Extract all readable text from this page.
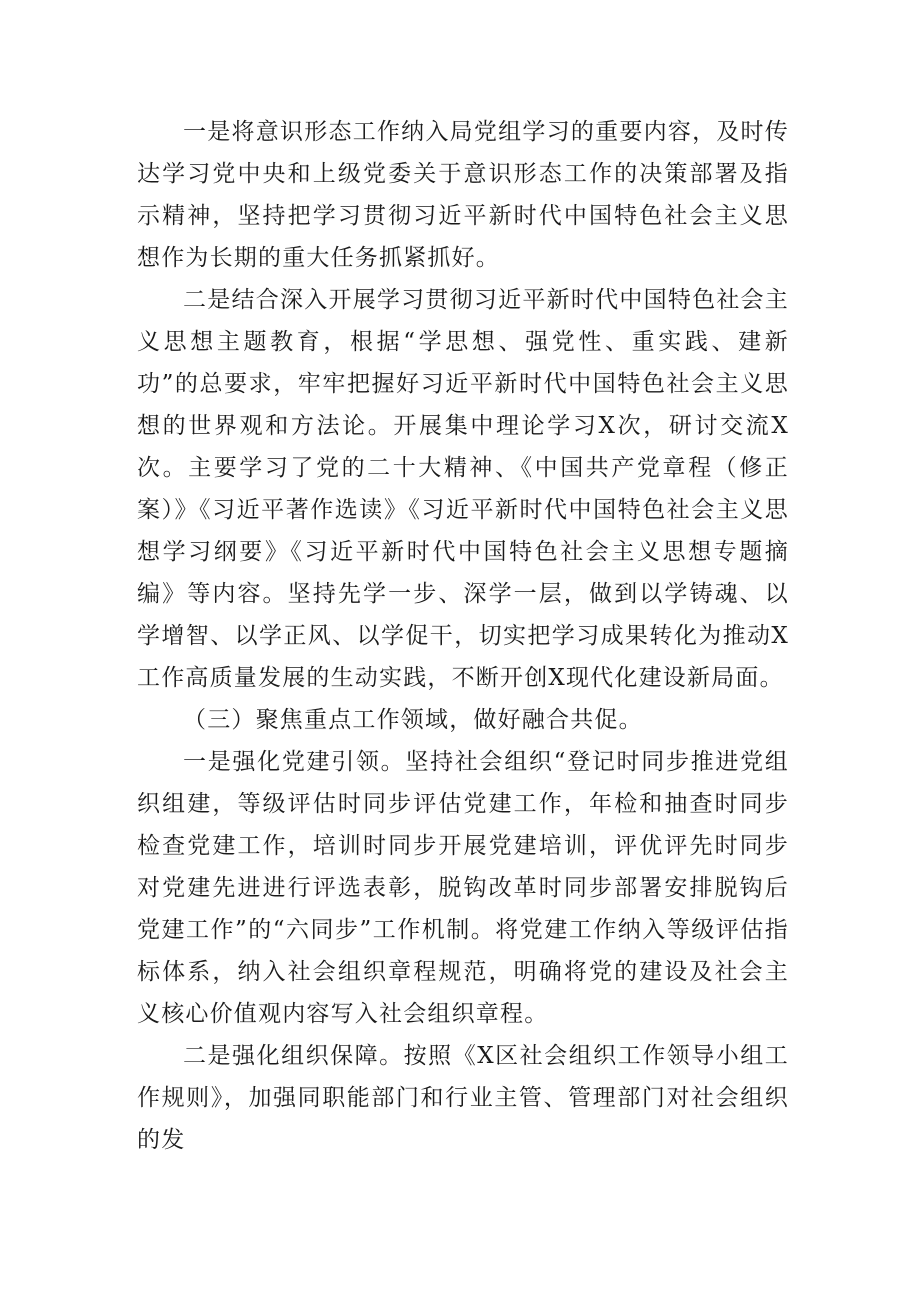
一是将意识形态工作纳入局党组学习的重要内容，及时传达学习党中央和上级党委关于意识形态工作的决策部署及指示精神，坚持把学习贯彻习近平新时代中国特色社会主义思想作为长期的重大任务抓紧抓好。

二是结合深入开展学习贯彻习近平新时代中国特色社会主义思想主题教育，根据“学思想、强党性、重实践、建新功”的总要求，牢牢把握好习近平新时代中国特色社会主义思想的世界观和方法论。开展集中理论学习X次，研讨交流X次。主要学习了党的二十大精神、《中国共产党章程（修正案）》《习近平著作选读》《习近平新时代中国特色社会主义思想学习纲要》《习近平新时代中国特色社会主义思想专题摘编》等内容。坚持先学一步、深学一层，做到以学铸魂、以学增智、以学正风、以学促干，切实把学习成果转化为推动X工作高质量发展的生动实践，不断开创X现代化建设新局面。

（三）聚焦重点工作领域，做好融合共促。

一是强化党建引领。坚持社会组织“登记时同步推进党组织组建，等级评估时同步评估党建工作，年检和抽查时同步检查党建工作，培训时同步开展党建培训，评优评先时同步对党建先进进行评选表彰，脱钩改革时同步部署安排脱钩后党建工作”的“六同步”工作机制。将党建工作纳入等级评估指标体系，纳入社会组织章程规范，明确将党的建设及社会主义核心价值观内容写入社会组织章程。

二是强化组织保障。按照《X区社会组织工作领导小组工作规则》，加强同职能部门和行业主管、管理部门对社会组织的发
